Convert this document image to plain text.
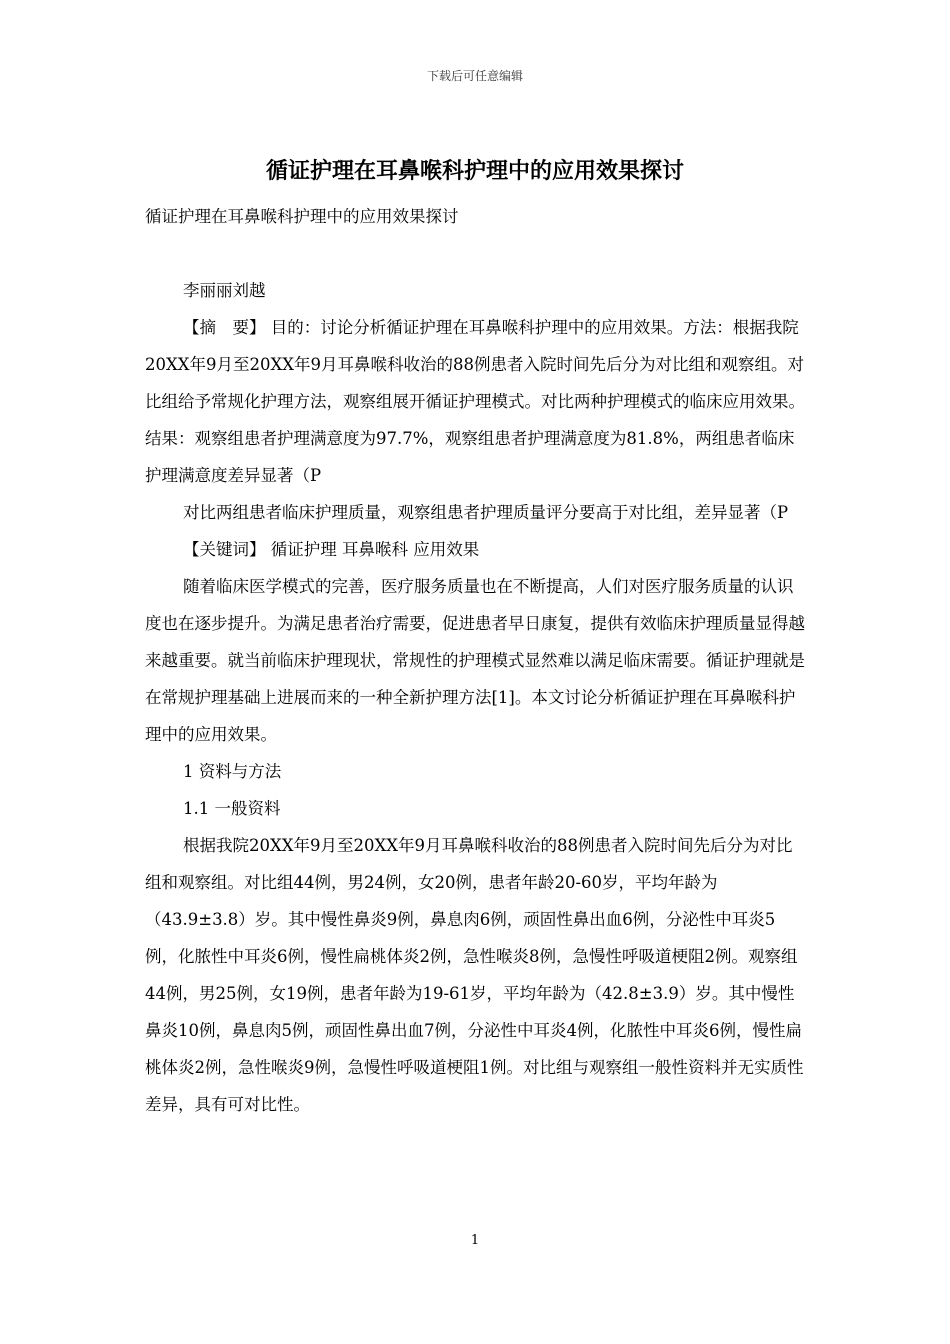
下载后可任意编辑
循证护理在耳鼻喉科护理中的应用效果探讨

循证护理在耳鼻喉科护理中的应用效果探讨

李丽丽刘越

【摘　要】 目的：讨论分析循证护理在耳鼻喉科护理中的应用效果。方法：根据我院20XX年9月至20XX年9月耳鼻喉科收治的88例患者入院时间先后分为对比组和观察组。对比组给予常规化护理方法，观察组展开循证护理模式。对比两种护理模式的临床应用效果。结果：观察组患者护理满意度为97.7%，观察组患者护理满意度为81.8%，两组患者临床护理满意度差异显著（P

对比两组患者临床护理质量，观察组患者护理质量评分要高于对比组，差异显著（P

【关键词】 循证护理 耳鼻喉科 应用效果

随着临床医学模式的完善，医疗服务质量也在不断提高，人们对医疗服务质量的认识度也在逐步提升。为满足患者治疗需要，促进患者早日康复，提供有效临床护理质量显得越来越重要。就当前临床护理现状，常规性的护理模式显然难以满足临床需要。循证护理就是在常规护理基础上进展而来的一种全新护理方法[1]。本文讨论分析循证护理在耳鼻喉科护理中的应用效果。

1 资料与方法

1.1 一般资料

根据我院20XX年9月至20XX年9月耳鼻喉科收治的88例患者入院时间先后分为对比组和观察组。对比组44例，男24例，女20例，患者年龄20-60岁，平均年龄为（43.9±3.8）岁。其中慢性鼻炎9例，鼻息肉6例，顽固性鼻出血6例，分泌性中耳炎5例，化脓性中耳炎6例，慢性扁桃体炎2例，急性喉炎8例，急慢性呼吸道梗阻2例。观察组44例，男25例，女19例，患者年龄为19-61岁，平均年龄为（42.8±3.9）岁。其中慢性鼻炎10例，鼻息肉5例，顽固性鼻出血7例，分泌性中耳炎4例，化脓性中耳炎6例，慢性扁桃体炎2例，急性喉炎9例，急慢性呼吸道梗阻1例。对比组与观察组一般性资料并无实质性差异，具有可对比性。

1
